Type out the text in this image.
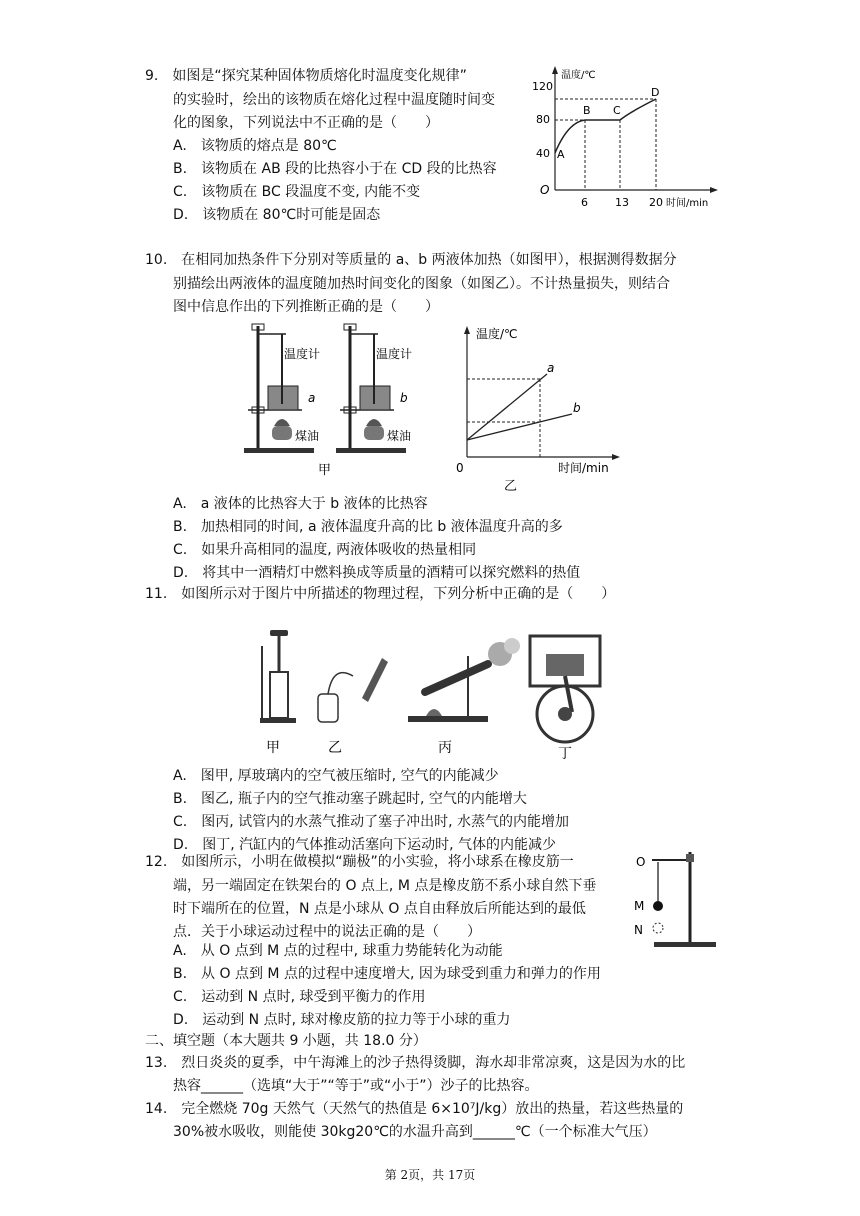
9.　如图是“探究某种固体物质熔化时温度变化规律”
的实验时，绘出的该物质在熔化过程中温度随时间变
化的图象，下列说法中不正确的是（　　）
A.　该物质的熔点是 80℃
B.　该物质在 AB 段的比热容小于在 CD 段的比热容
C.　该物质在 BC 段温度不变, 内能不变
D.　该物质在 80℃时可能是固态
温度/℃
时间/min
O
120
80
40
6 13 20
A
B C
D
10.　在相同加热条件下分别对等质量的 a、b 两液体加热（如图甲），根据测得数据分
别描绘出两液体的温度随加热时间变化的图象（如图乙）。不计热量损失，则结合
图中信息作出的下列推断正确的是（　　）
温度计
a
煤油
温度计
b
煤油
甲
温度/℃
时间/min
0
a
b
乙
A.　a 液体的比热容大于 b 液体的比热容
B.　加热相同的时间, a 液体温度升高的比 b 液体温度升高的多
C.　如果升高相同的温度, 两液体吸收的热量相同
D.　将其中一酒精灯中燃料换成等质量的酒精可以探究燃料的热值
11.　如图所示对于图片中所描述的物理过程，下列分析中正确的是（　　）
甲	乙	丙	丁
A.　图甲, 厚玻璃内的空气被压缩时, 空气的内能减少
B.　图乙, 瓶子内的空气推动塞子跳起时, 空气的内能增大
C.　图丙, 试管内的水蒸气推动了塞子冲出时, 水蒸气的内能增加
D.　图丁, 汽缸内的气体推动活塞向下运动时, 气体的内能减少
12.　如图所示，小明在做模拟“蹦极”的小实验，将小球系在橡皮筋一
端，另一端固定在铁架台的 O 点上, M 点是橡皮筋不系小球自然下垂
时下端所在的位置，N 点是小球从 O 点自由释放后所能达到的最低
点．关于小球运动过程中的说法正确的是（　　）
O
M
N
A.　从 O 点到 M 点的过程中, 球重力势能转化为动能
B.　从 O 点到 M 点的过程中速度增大, 因为球受到重力和弹力的作用
C.　运动到 N 点时, 球受到平衡力的作用
D.　运动到 N 点时, 球对橡皮筋的拉力等于小球的重力
二、填空题（本大题共 9 小题，共 18.0 分）
13.　烈日炎炎的夏季，中午海滩上的沙子热得烫脚，海水却非常凉爽，这是因为水的比
热容______（选填“大于”“等于”或“小于”）沙子的比热容。
14.　完全燃烧 70g 天然气（天然气的热值是 6×10⁷J/kg）放出的热量，若这些热量的
30%被水吸收，则能使 30kg20℃的水温升高到______℃（一个标准大气压）
第 2页，共 17页
